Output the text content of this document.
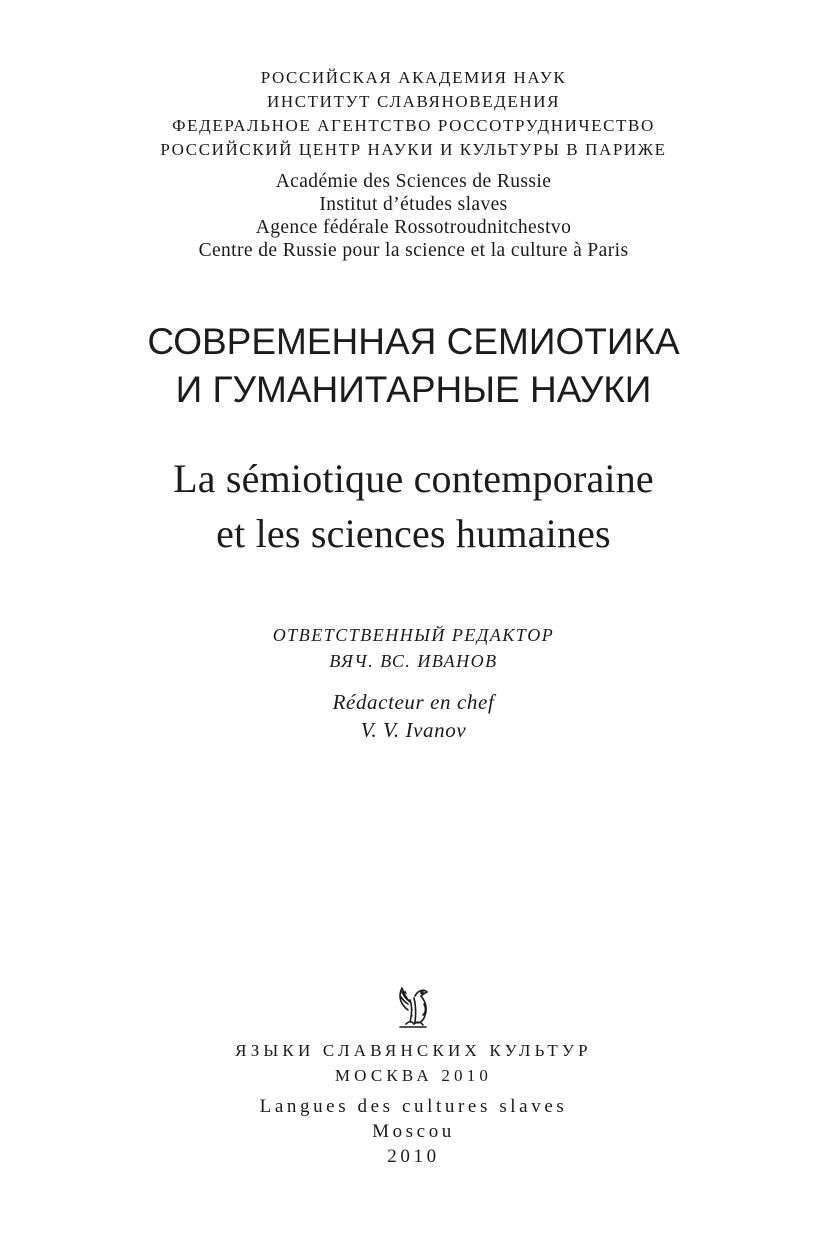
РОССИЙСКАЯ АКАДЕМИЯ НАУК
ИНСТИТУТ СЛАВЯНОВЕДЕНИЯ
ФЕДЕРАЛЬНОЕ АГЕНТСТВО РОССОТРУДНИЧЕСТВО
РОССИЙСКИЙ ЦЕНТР НАУКИ И КУЛЬТУРЫ В ПАРИЖЕ
Académie des Sciences de Russie
Institut d’études slaves
Agence fédérale Rossotroudnitchestvo
Centre de Russie pour la science et la culture à Paris
СОВРЕМЕННАЯ СЕМИОТИКА
И ГУМАНИТАРНЫЕ НАУКИ
La sémiotique contemporaine
et les sciences humaines
ОТВЕТСТВЕННЫЙ РЕДАКТОР
ВЯЧ. ВС. ИВАНОВ
Rédacteur en chef
V. V. Ivanov
ЯЗЫКИ СЛАВЯНСКИХ КУЛЬТУР
МОСКВА 2010
Langues des cultures slaves
Moscou
2010
